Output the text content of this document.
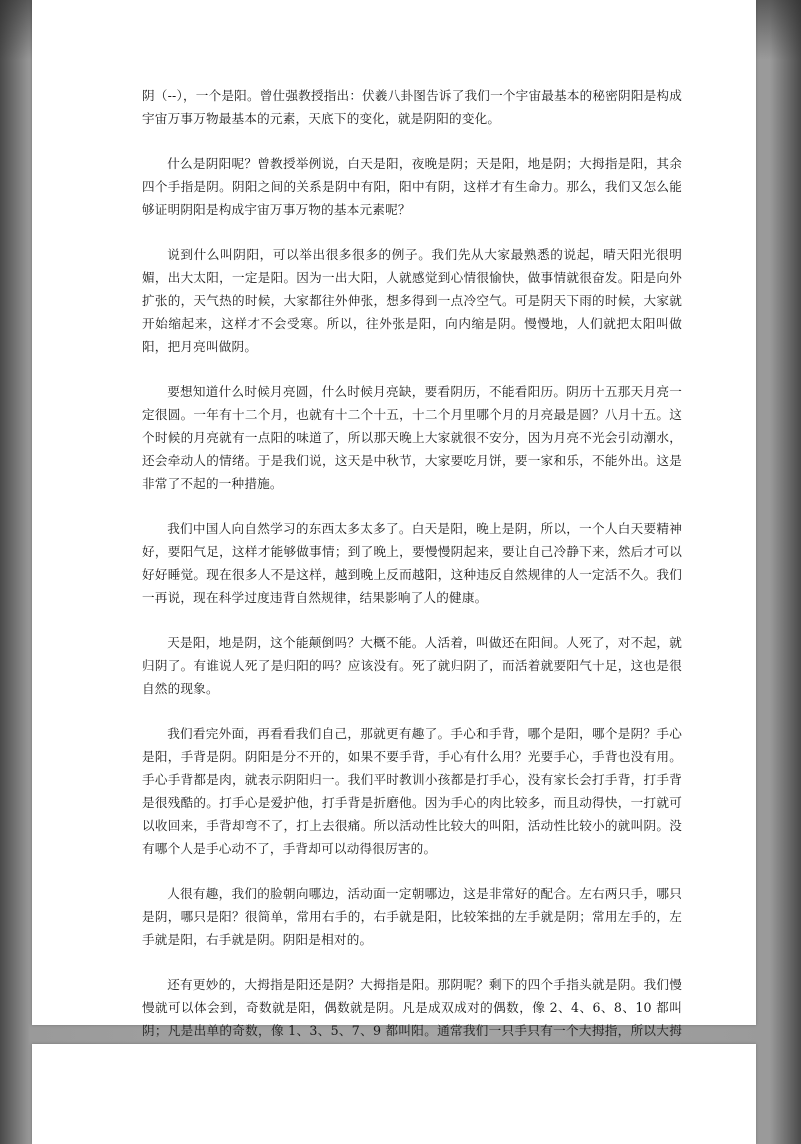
阴（--），一个是阳。曾仕强教授指出：伏羲八卦图告诉了我们一个宇宙最基本的秘密阴阳是构成宇宙万事万物最基本的元素，天底下的变化，就是阴阳的变化。

什么是阴阳呢？曾教授举例说，白天是阳，夜晚是阴；天是阳，地是阴；大拇指是阳，其余四个手指是阴。阴阳之间的关系是阴中有阳，阳中有阴，这样才有生命力。那么，我们又怎么能够证明阴阳是构成宇宙万事万物的基本元素呢？

说到什么叫阴阳，可以举出很多很多的例子。我们先从大家最熟悉的说起，晴天阳光很明媚，出大太阳，一定是阳。因为一出大阳，人就感觉到心情很愉快，做事情就很奋发。阳是向外扩张的，天气热的时候，大家都往外伸张，想多得到一点冷空气。可是阴天下雨的时候，大家就开始缩起来，这样才不会受寒。所以，往外张是阳，向内缩是阴。慢慢地，人们就把太阳叫做阳，把月亮叫做阴。

要想知道什么时候月亮圆，什么时候月亮缺，要看阴历，不能看阳历。阴历十五那天月亮一定很圆。一年有十二个月，也就有十二个十五，十二个月里哪个月的月亮最是圆？八月十五。这个时候的月亮就有一点阳的味道了，所以那天晚上大家就很不安分，因为月亮不光会引动潮水，还会牵动人的情绪。于是我们说，这天是中秋节，大家要吃月饼，要一家和乐，不能外出。这是非常了不起的一种措施。

我们中国人向自然学习的东西太多太多了。白天是阳，晚上是阴，所以，一个人白天要精神好，要阳气足，这样才能够做事情；到了晚上，要慢慢阴起来，要让自己冷静下来，然后才可以好好睡觉。现在很多人不是这样，越到晚上反而越阳，这种违反自然规律的人一定活不久。我们一再说，现在科学过度违背自然规律，结果影响了人的健康。

天是阳，地是阴，这个能颠倒吗？大概不能。人活着，叫做还在阳间。人死了，对不起，就归阴了。有谁说人死了是归阳的吗？应该没有。死了就归阴了，而活着就要阳气十足，这也是很自然的现象。

我们看完外面，再看看我们自己，那就更有趣了。手心和手背，哪个是阳，哪个是阴？手心是阳，手背是阴。阴阳是分不开的，如果不要手背，手心有什么用？光要手心，手背也没有用。手心手背都是肉，就表示阴阳归一。我们平时教训小孩都是打手心，没有家长会打手背，打手背是很残酷的。打手心是爱护他，打手背是折磨他。因为手心的肉比较多，而且动得快，一打就可以收回来，手背却弯不了，打上去很痛。所以活动性比较大的叫阳，活动性比较小的就叫阴。没有哪个人是手心动不了，手背却可以动得很厉害的。

人很有趣，我们的脸朝向哪边，活动面一定朝哪边，这是非常好的配合。左右两只手，哪只是阴，哪只是阳？很简单，常用右手的，右手就是阳，比较笨拙的左手就是阴；常用左手的，左手就是阳，右手就是阴。阴阳是相对的。

还有更妙的，大拇指是阳还是阴？大拇指是阳。那阴呢？剩下的四个手指头就是阴。我们慢慢就可以体会到，奇数就是阳，偶数就是阴。凡是成双成对的偶数，像 2、4、6、8、10 都叫阴；凡是出单的奇数，像 1、3、5、7、9 都叫阳。通常我们一只手只有一个大拇指，所以大拇
